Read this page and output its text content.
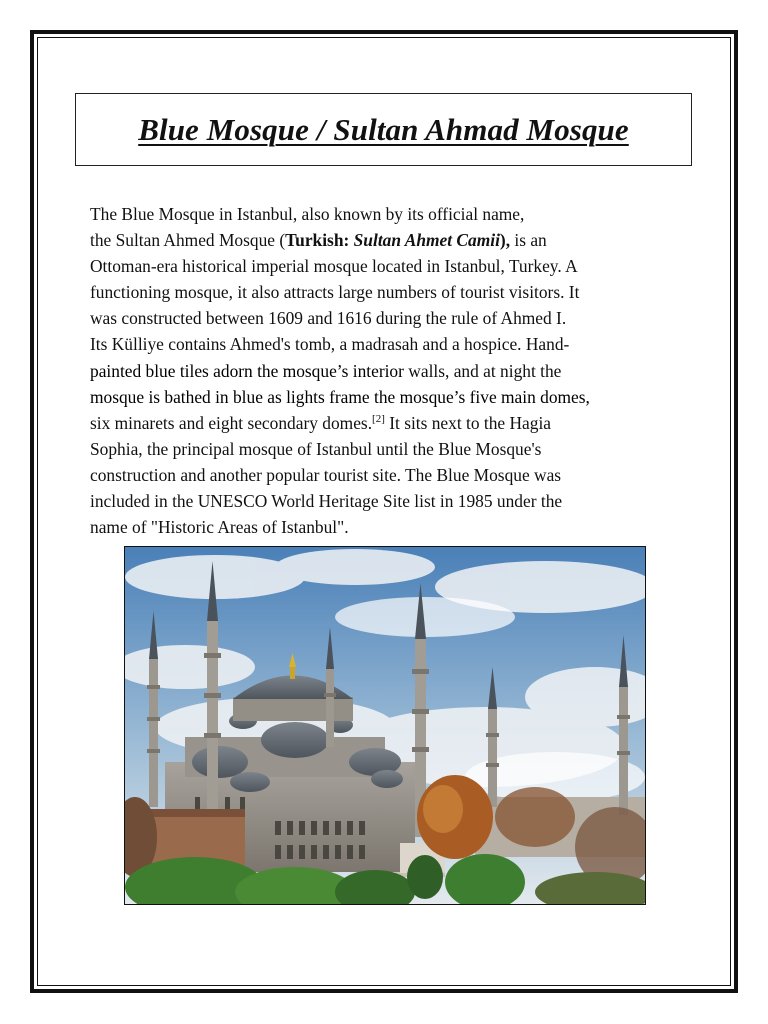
Blue Mosque / Sultan Ahmad Mosque
The Blue Mosque in Istanbul, also known by its official name,
the Sultan Ahmed Mosque (Turkish: Sultan Ahmet Camii), is an
Ottoman-era historical imperial mosque located in Istanbul, Turkey. A
functioning mosque, it also attracts large numbers of tourist visitors. It
was constructed between 1609 and 1616 during the rule of Ahmed I.
Its Külliye contains Ahmed's tomb, a madrasah and a hospice. Hand-
painted blue tiles adorn the mosque’s interior walls, and at night the
mosque is bathed in blue as lights frame the mosque’s five main domes,
six minarets and eight secondary domes.[2] It sits next to the Hagia
Sophia, the principal mosque of Istanbul until the Blue Mosque's
construction and another popular tourist site. The Blue Mosque was
included in the UNESCO World Heritage Site list in 1985 under the
name of "Historic Areas of Istanbul".
